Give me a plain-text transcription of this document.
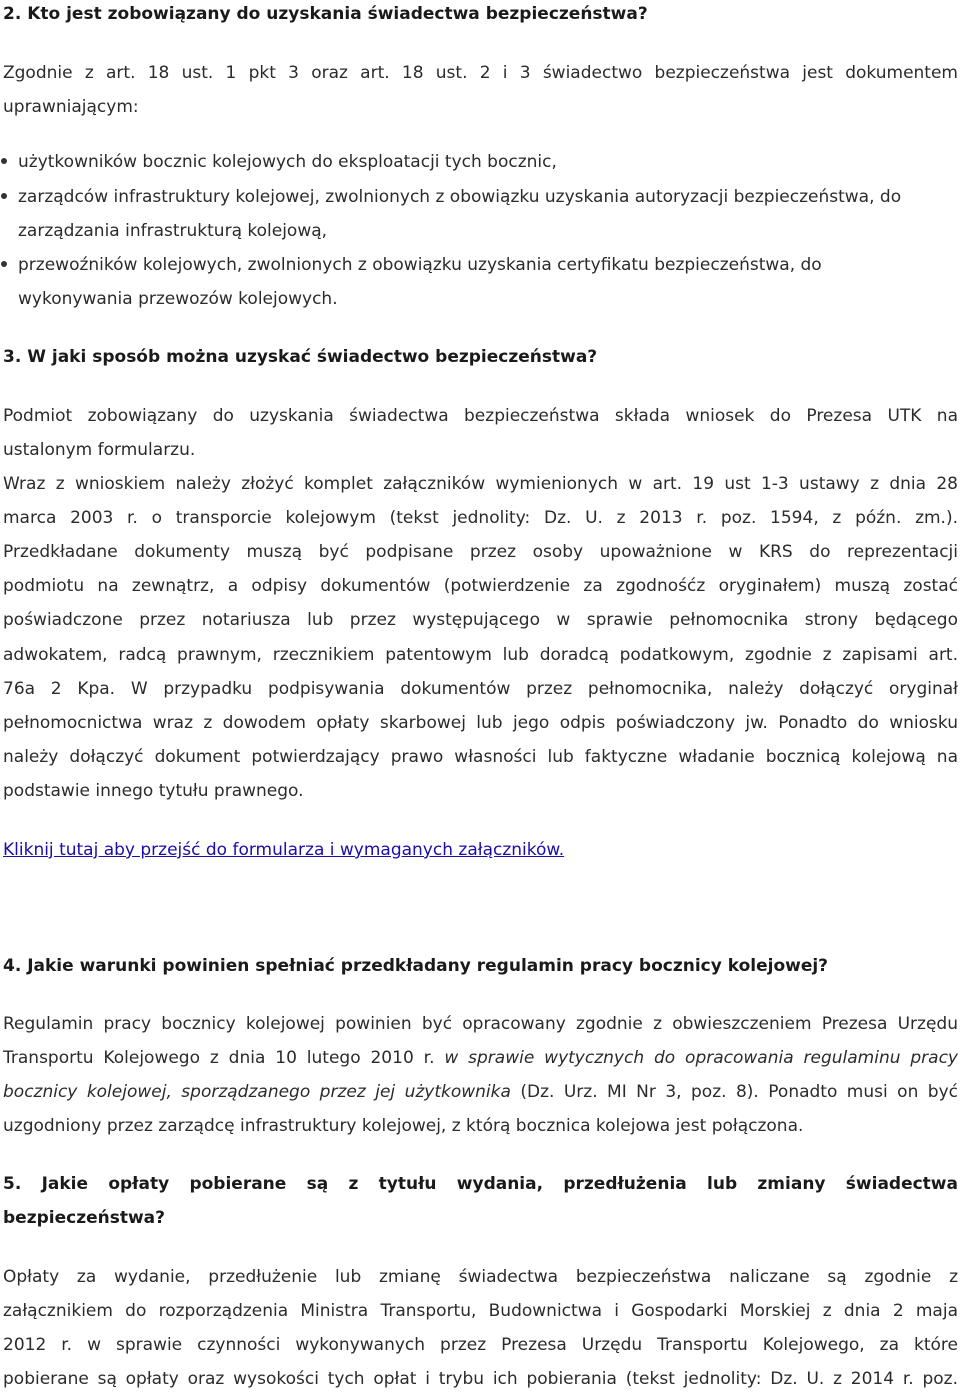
2. Kto jest zobowiązany do uzyskania świadectwa bezpieczeństwa?
Zgodnie z art. 18 ust. 1 pkt 3 oraz art. 18 ust. 2 i 3 świadectwo bezpieczeństwa jest dokumentem
uprawniającym:
użytkowników bocznic kolejowych do eksploatacji tych bocznic,
zarządców infrastruktury kolejowej, zwolnionych z obowiązku uzyskania autoryzacji bezpieczeństwa, do
zarządzania infrastrukturą kolejową,
przewoźników kolejowych, zwolnionych z obowiązku uzyskania certyfikatu bezpieczeństwa, do
wykonywania przewozów kolejowych.
3. W jaki sposób można uzyskać świadectwo bezpieczeństwa?
Podmiot zobowiązany do uzyskania świadectwa bezpieczeństwa składa wniosek do Prezesa UTK na
ustalonym formularzu.
Wraz z wnioskiem należy złożyć komplet załączników wymienionych w art. 19 ust 1-3 ustawy z dnia 28
marca 2003 r. o transporcie kolejowym (tekst jednolity: Dz. U. z 2013 r. poz. 1594, z późn. zm.).
Przedkładane dokumenty muszą być podpisane przez osoby upoważnione w KRS do reprezentacji
podmiotu na zewnątrz, a odpisy dokumentów (potwierdzenie za zgodnośćz oryginałem) muszą zostać
poświadczone przez notariusza lub przez występującego w sprawie pełnomocnika strony będącego
adwokatem, radcą prawnym, rzecznikiem patentowym lub doradcą podatkowym, zgodnie z zapisami art.
76a 2 Kpa. W przypadku podpisywania dokumentów przez pełnomocnika, należy dołączyć oryginał
pełnomocnictwa wraz z dowodem opłaty skarbowej lub jego odpis poświadczony jw. Ponadto do wniosku
należy dołączyć dokument potwierdzający prawo własności lub faktyczne władanie bocznicą kolejową na
podstawie innego tytułu prawnego.
Kliknij tutaj aby przejść do formularza i wymaganych załączników.
4. Jakie warunki powinien spełniać przedkładany regulamin pracy bocznicy kolejowej?
Regulamin pracy bocznicy kolejowej powinien być opracowany zgodnie z obwieszczeniem Prezesa Urzędu
Transportu Kolejowego z dnia 10 lutego 2010 r. w sprawie wytycznych do opracowania regulaminu pracy
bocznicy kolejowej, sporządzanego przez jej użytkownika (Dz. Urz. MI Nr 3, poz. 8). Ponadto musi on być
uzgodniony przez zarządcę infrastruktury kolejowej, z którą bocznica kolejowa jest połączona.
5. Jakie opłaty pobierane są z tytułu wydania, przedłużenia lub zmiany świadectwa
bezpieczeństwa?
Opłaty za wydanie, przedłużenie lub zmianę świadectwa bezpieczeństwa naliczane są zgodnie z
załącznikiem do rozporządzenia Ministra Transportu, Budownictwa i Gospodarki Morskiej z dnia 2 maja
2012 r. w sprawie czynności wykonywanych przez Prezesa Urzędu Transportu Kolejowego, za które
pobierane są opłaty oraz wysokości tych opłat i trybu ich pobierania (tekst jednolity: Dz. U. z 2014 r. poz.
